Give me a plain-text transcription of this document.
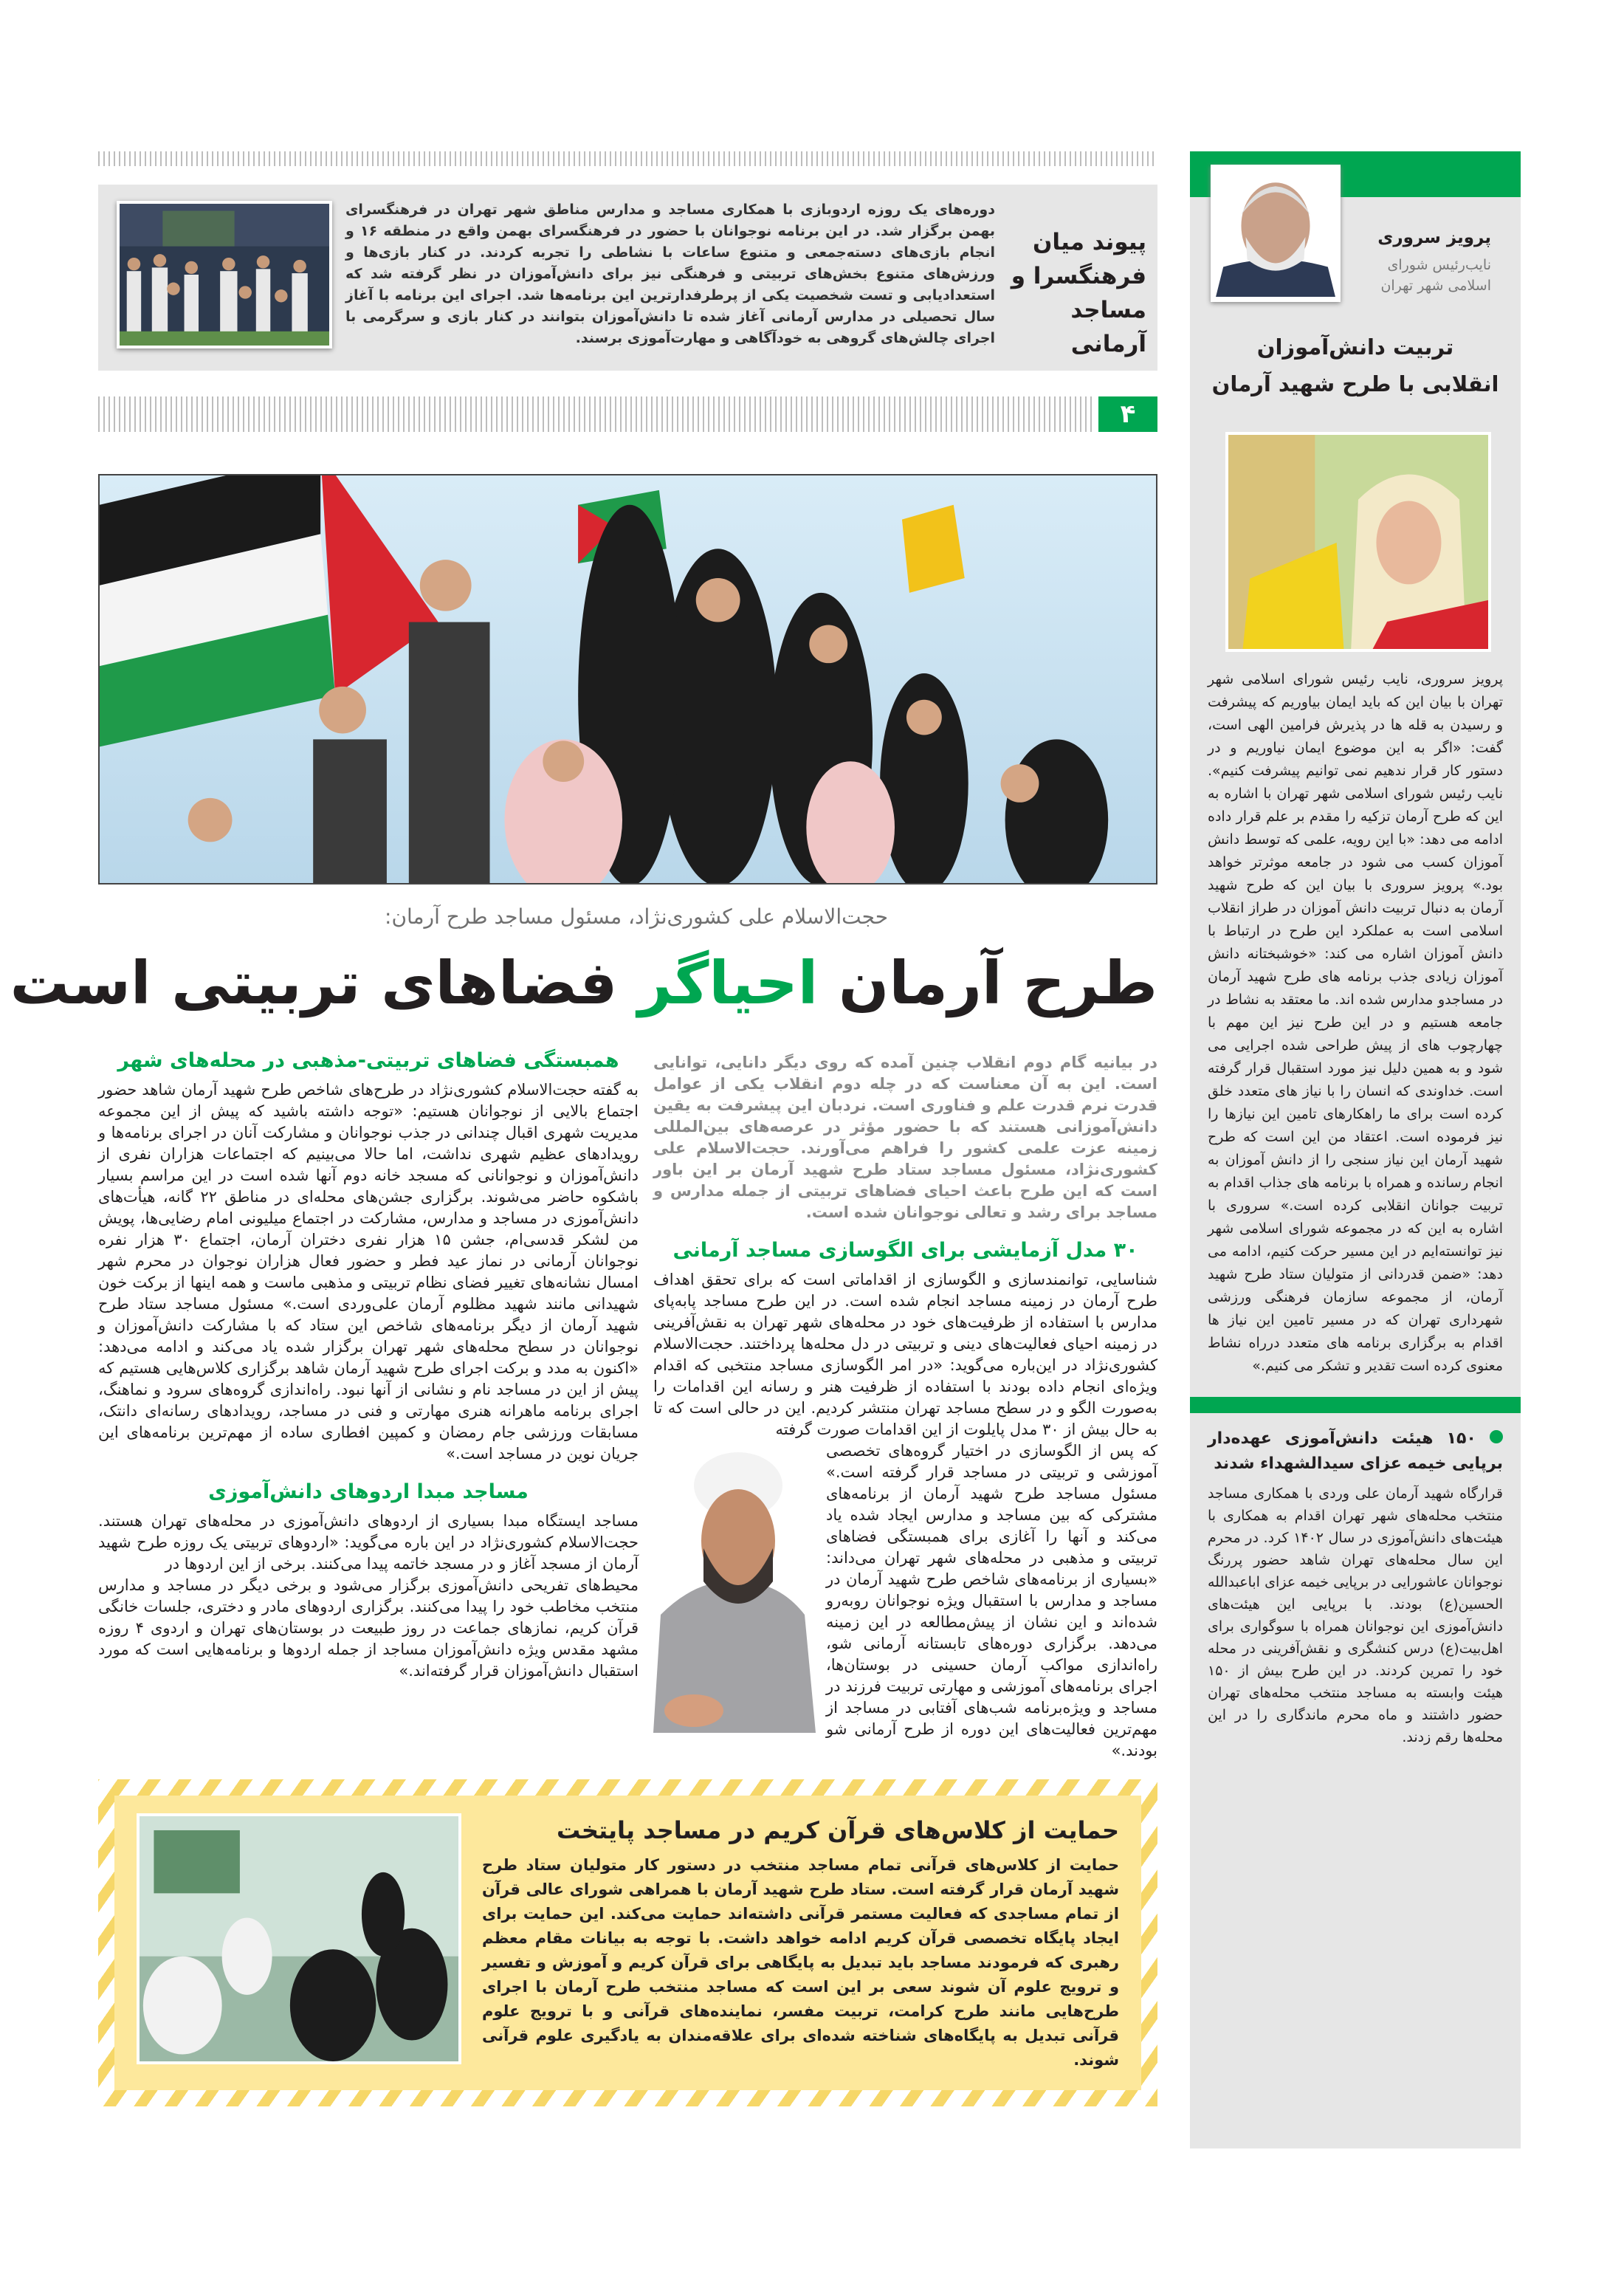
دوره‌های یک روزه اردوبازی با همکاری مساجد و مدارس مناطق شهر تهران در فرهنگسرای بهمن برگزار شد. در این برنامه نوجوانان با حضور در فرهنگسرای بهمن واقع در منطقه ۱۶ و انجام بازی‌های دسته‌جمعی و متنوع ساعات با نشاطی را تجربه کردند. در کنار بازی‌ها و ورزش‌های متنوع بخش‌های تربیتی و فرهنگی نیز برای دانش‌آموزان در نظر گرفته شد که استعدادیابی و تست شخصیت یکی از پرطرفدارترین این برنامه‌ها شد. اجرای این برنامه با آغاز سال تحصیلی در مدارس آرمانی آغاز شده تا دانش‌آموزان بتوانند در کنار بازی و سرگرمی با اجرای چالش‌های گروهی به خودآگاهی و مهارت‌آموزی برسند.
پیوند میان
فرهنگسرا و
مساجد آرمانی
۴
حجت‌الاسلام علی کشوری‌نژاد، مسئول مساجد طرح آرمان:
طرح آرمان احیاگر فضاهای تربیتی است
همبستگی فضاهای تربیتی-مذهبی در محله‌های شهر
به گفته حجت‌الاسلام کشوری‌نژاد در طرح‌های شاخص طرح شهید آرمان شاهد حضور اجتماع بالایی از نوجوانان هستیم: «توجه داشته باشید که پیش از این مجموعه مدیریت شهری اقبال چندانی در جذب نوجوانان و مشارکت آنان در اجرای برنامه‌ها و رویدادهای عظیم شهری نداشت، اما حالا می‌بینیم که اجتماعات هزاران نفری از دانش‌آموزان و نوجوانانی که مسجد خانه دوم آنها شده است در این مراسم بسیار باشکوه حاضر می‌شوند. برگزاری جشن‌های محله‌ای در مناطق ۲۲ گانه، هیأت‌های دانش‌آموزی در مساجد و مدارس، مشارکت در اجتماع میلیونی امام رضایی‌ها، پویش من لشکر قدسی‌ام، جشن ۱۵ هزار نفری دختران آرمان، اجتماع ۳۰ هزار نفره نوجوانان آرمانی در نماز عید فطر و حضور فعال هزاران نوجوان در محرم شهر امسال نشانه‌های تغییر فضای نظام تربیتی و مذهبی ماست و همه اینها از برکت خون شهیدانی مانند شهید مظلوم آرمان علی‌وردی است.» مسئول مساجد ستاد طرح شهید آرمان از دیگر برنامه‌های شاخص این ستاد که با مشارکت دانش‌آموزان و نوجوانان در سطح محله‌های شهر تهران برگزار شده یاد می‌کند و ادامه می‌دهد: «اکنون به مدد و برکت اجرای طرح شهید آرمان شاهد برگزاری کلاس‌هایی هستیم که پیش از این در مساجد نام و نشانی از آنها نبود. راه‌اندازی گروه‌های سرود و نماهنگ، اجرای برنامه ماهرانه هنری مهارتی و فنی در مساجد، رویدادهای رسانه‌ای دانتک، مسابقات ورزشی جام رمضان و کمپین افطاری ساده از مهم‌ترین برنامه‌های این جریان نوین در مساجد است.»
مساجد مبدا اردوهای دانش‌آموزی
مساجد ایستگاه مبدا بسیاری از اردوهای دانش‌آموزی در محله‌های تهران هستند. حجت‌الاسلام کشوری‌نژاد در این باره می‌گوید: «اردوهای تربیتی یک روزه طرح شهید آرمان از مسجد آغاز و در مسجد خاتمه پیدا می‌کنند. برخی از این اردوها در
محیط‌های تفریحی دانش‌آموزی برگزار می‌شود و برخی دیگر در مساجد و مدارس منتخب مخاطب خود را پیدا می‌کنند. برگزاری اردوهای مادر و دختری، جلسات خانگی قرآن کریم، نمازهای جماعت در روز طبیعت در بوستان‌های تهران و اردوی ۴ روزه مشهد مقدس ویژه دانش‌آموزان مساجد از جمله اردوها و برنامه‌هایی است که مورد استقبال دانش‌آموزان قرار گرفته‌اند.»
در بیانیه گام دوم انقلاب چنین آمده که روی دیگر دانایی، توانایی است. این به آن معناست که در چله دوم انقلاب یکی از عوامل قدرت نرم قدرت علم و فناوری است. نردبان این پیشرفت به یقین دانش‌آموزانی هستند که با حضور مؤثر در عرصه‌های بین‌المللی زمینه عزت علمی کشور را فراهم می‌آورند. حجت‌الاسلام علی کشوری‌نژاد، مسئول مساجد ستاد طرح شهید آرمان بر این باور است که این طرح باعث احیای فضاهای تربیتی از جمله مدارس و مساجد برای رشد و تعالی نوجوانان شده است.
۳۰ مدل آزمایشی برای الگوسازی مساجد آرمانی
شناسایی، توانمندسازی و الگوسازی از اقداماتی است که برای تحقق اهداف طرح آرمان در زمینه مساجد انجام شده است. در این طرح مساجد پابه‌پای مدارس با استفاده از ظرفیت‌های خود در محله‌های شهر تهران به نقش‌آفرینی در زمینه احیای فعالیت‌های دینی و تربیتی در دل محله‌ها پرداختند. حجت‌الاسلام کشوری‌نژاد در این‌باره می‌گوید: «در امر الگوسازی مساجد منتخبی که اقدام ویژه‌ای انجام داده بودند با استفاده از ظرفیت هنر و رسانه این اقدامات را به‌صورت الگو و در سطح مساجد تهران منتشر کردیم. این در حالی است که تا به حال بیش از ۳۰ مدل پایلوت از این اقدامات صورت گرفته
که پس از الگوسازی در اختیار گروه‌های تخصصی آموزشی و تربیتی در مساجد قرار گرفته است.» مسئول مساجد طرح شهید آرمان از برنامه‌های مشترکی که بین مساجد و مدارس ایجاد شده یاد می‌کند و آنها را آغازی برای همبستگی فضاهای تربیتی و مذهبی در محله‌های شهر تهران می‌داند: «بسیاری از برنامه‌های شاخص طرح شهید آرمان در مساجد و مدارس با استقبال ویژه نوجوانان روبه‌رو شده‌اند و این نشان از پیش‌مطالعه در این زمینه می‌دهد. برگزاری دوره‌های تابستانه آرمانی شو، راه‌اندازی مواکب آرمان حسینی در بوستان‌ها، اجرای برنامه‌های آموزشی و مهارتی تربیت فرزند در مساجد و ویژه‌برنامه شب‌های آفتابی در مساجد از مهم‌ترین فعالیت‌های این دوره از طرح آرمانی شو بودند.»
حمایت از کلاس‌های قرآن کریم در مساجد پایتخت
حمایت از کلاس‌های قرآنی تمام مساجد منتخب در دستور کار متولیان ستاد طرح شهید آرمان قرار گرفته است. ستاد طرح شهید آرمان با همراهی شورای عالی قرآن از تمام مساجدی که فعالیت مستمر قرآنی داشته‌اند حمایت می‌کند. این حمایت برای ایجاد پایگاه تخصصی قرآن کریم ادامه خواهد داشت. با توجه به بیانات مقام معظم رهبری که فرمودند مساجد باید تبدیل به پایگاهی برای قرآن کریم و آموزش و تفسیر و ترویج علوم آن شوند سعی بر این است که مساجد منتخب طرح آرمان با اجرای طرح‌هایی مانند طرح کرامت، تربیت مفسر، نماینده‌های قرآنی و با ترویج علوم قرآنی تبدیل به پایگاه‌های شناخته شده‌ای برای علاقه‌مندان به یادگیری علوم قرآنی شوند.
پرویز سروری
نایب‌رئیس شورای
اسلامی شهر تهران
تربیت دانش‌آموزان
انقلابی با طرح شهید آرمان
پرویز سروری، نایب رئیس شورای اسلامی شهر تهران با بیان این که باید ایمان بیاوریم که پیشرفت و رسیدن به قله ها در پذیرش فرامین الهی است، گفت: «اگر به این موضوع ایمان نیاوریم و در دستور کار قرار ندهیم نمی توانیم پیشرفت کنیم». نایب رئیس شورای اسلامی شهر تهران با اشاره به این که طرح آرمان تزکیه را مقدم بر علم قرار داده ادامه می دهد: «با این رویه، علمی که توسط دانش آموزان کسب می شود در جامعه موثرتر خواهد بود.» پرویز سروری با بیان این که طرح شهید آرمان به دنبال تربیت دانش آموزان در طراز انقلاب اسلامی است به عملکرد این طرح در ارتباط با دانش آموزان اشاره می کند: «خوشبختانه دانش آموزان زیادی جذب برنامه های طرح شهید آرمان در مساجدو مدارس شده اند. ما معتقد به نشاط در جامعه هستیم و در این طرح نیز این مهم با چهارچوب های از پیش طراحی شده اجرایی می شود و به همین دلیل نیز مورد استقبال قرار گرفته است. خداوندی که انسان را با نیاز های متعدد خلق کرده است برای ما راهکارهای تامین این نیازها را نیز فرموده است. اعتقاد من این است که طرح شهید آرمان این نیاز سنجی را از دانش آموزان به انجام رسانده و همراه با برنامه های جذاب اقدام به تربیت جوانان انقلابی کرده است.» سروری با اشاره به این که در مجموعه شورای اسلامی شهر نیز توانسته‌ایم در این مسیر حرکت کنیم، ادامه می دهد: «ضمن قدردانی از متولیان ستاد طرح شهید آرمان، از مجموعه سازمان فرهنگی ورزشی شهرداری تهران که در مسیر تامین این نیاز ها اقدام به برگزاری برنامه های متعدد درراه نشاط معنوی کرده است تقدیر و تشکر می کنیم.»
۱۵۰ هیئت دانش‌آموزی عهده‌دار برپایی خیمه عزای سیدالشهداء شدند
قرارگاه شهید آرمان علی وردی با همکاری مساجد منتخب محله‌های شهر تهران اقدام به همکاری با هیئت‌های دانش‌آموزی در سال ۱۴۰۲ کرد. در محرم این سال محله‌های تهران شاهد حضور پررنگ نوجوانان عاشورایی در برپایی خیمه عزای اباعبدالله الحسین(ع) بودند. با برپایی این هیئت‌های دانش‌آموزی این نوجوانان همراه با سوگواری برای اهل‌بیت(ع) درس کنشگری و نقش‌آفرینی در محله خود را تمرین کردند. در این طرح بیش از ۱۵۰ هیئت وابسته به مساجد منتخب محله‌های تهران حضور داشتند و ماه محرم ماندگاری را در این محله‌ها رقم زدند.
